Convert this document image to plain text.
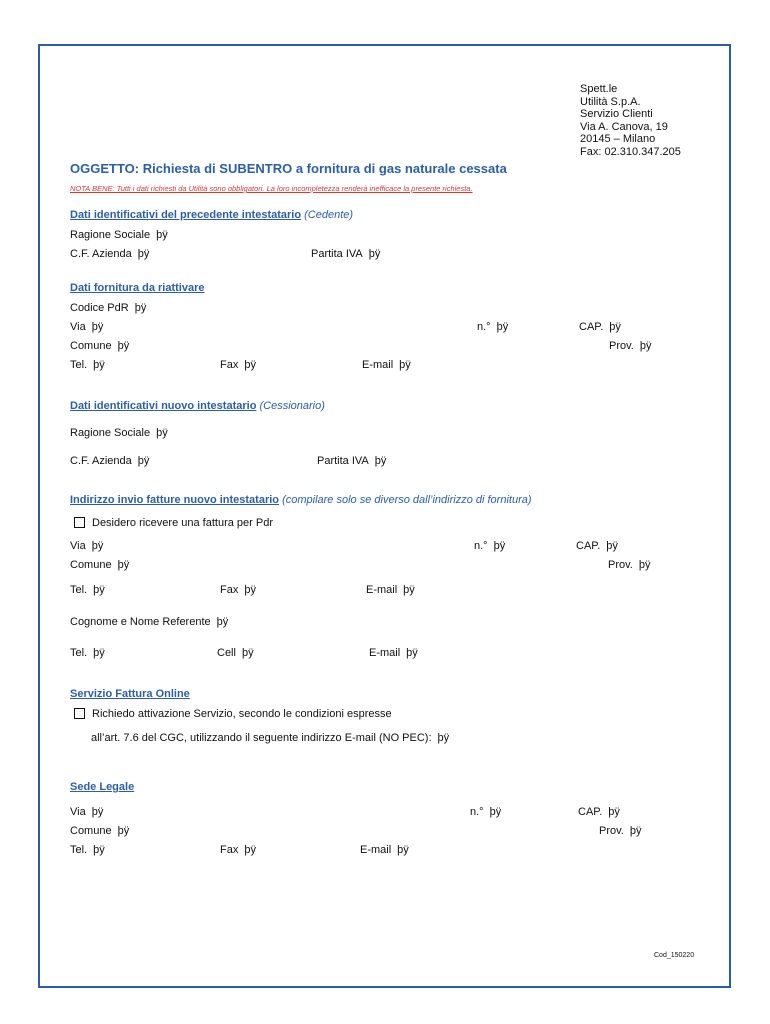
Spett.le
Utilità S.p.A.
Servizio Clienti
Via A. Canova, 19
20145 – Milano
Fax: 02.310.347.205
OGGETTO: Richiesta di SUBENTRO a fornitura di gas naturale cessata
NOTA BENE: Tutti i dati richiesti da Utilità sono obbligatori. La loro incompletezza renderà inefficace la presente richiesta.
Dati identificativi del precedente intestatario (Cedente)
Ragione Sociale þÿ
C.F. Azienda þÿ	Partita IVA þÿ
Dati fornitura da riattivare
Codice PdR þÿ
Via þÿ	n.° þÿ	CAP. þÿ
Comune þÿ	Prov. þÿ
Tel. þÿ	Fax þÿ	E-mail þÿ
Dati identificativi nuovo intestatario (Cessionario)
Ragione Sociale þÿ
C.F. Azienda þÿ	Partita IVA þÿ
Indirizzo invio fatture nuovo intestatario (compilare solo se diverso dall’indirizzo di fornitura)
Desidero ricevere una fattura per Pdr
Via þÿ	n.° þÿ	CAP. þÿ
Comune þÿ	Prov. þÿ
Tel. þÿ	Fax þÿ	E-mail þÿ
Cognome e Nome Referente þÿ
Tel. þÿ	Cell þÿ	E-mail þÿ
Servizio Fattura Online
Richiedo attivazione Servizio, secondo le condizioni espresse
all’art. 7.6 del CGC, utilizzando il seguente indirizzo E-mail (NO PEC): þÿ
Sede Legale
Via þÿ	n.° þÿ	CAP. þÿ
Comune þÿ	Prov. þÿ
Tel. þÿ	Fax þÿ	E-mail þÿ
Cod_150220
